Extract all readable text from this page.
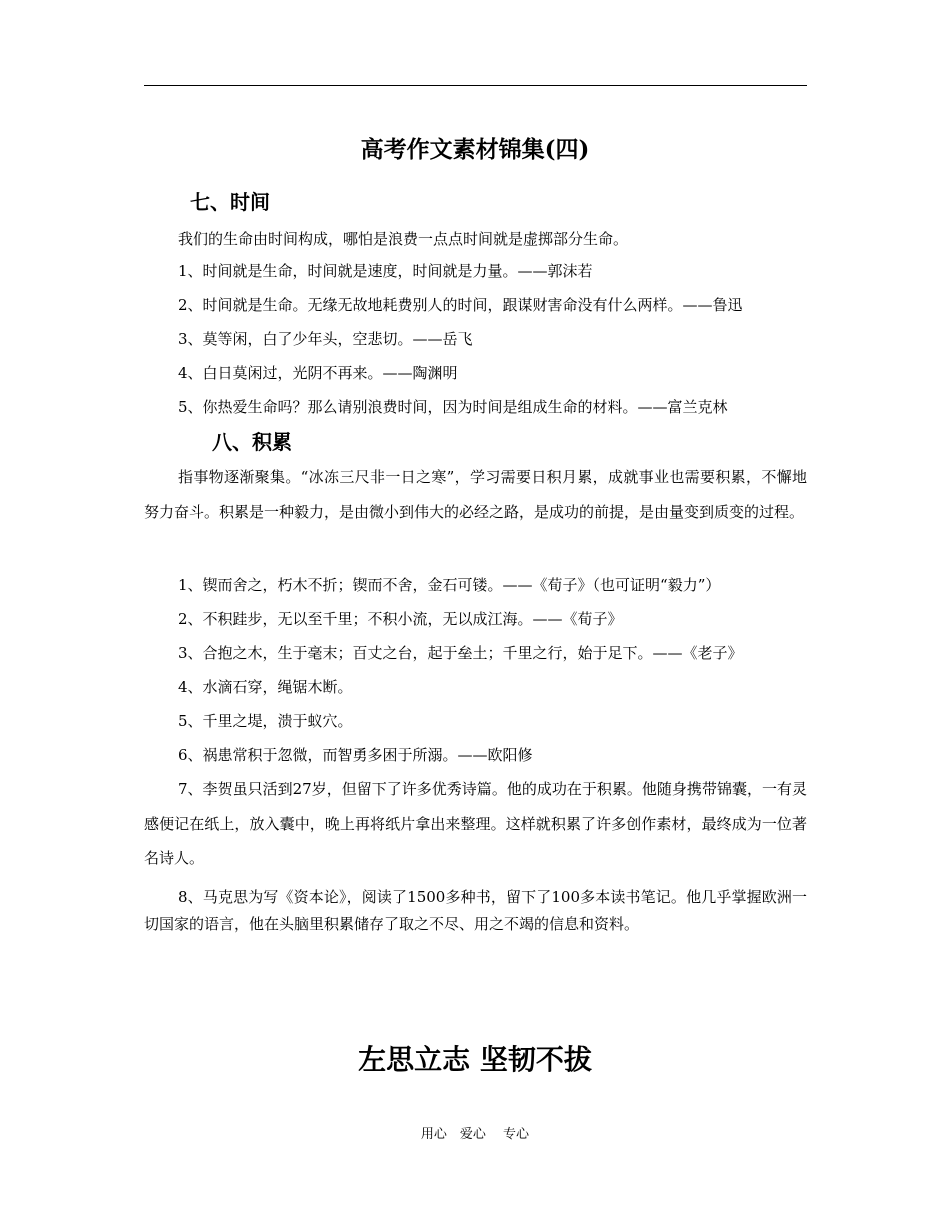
高考作文素材锦集(四)
七、时间
我们的生命由时间构成，哪怕是浪费一点点时间就是虚掷部分生命。
1、时间就是生命，时间就是速度，时间就是力量。——郭沫若
2、时间就是生命。无缘无故地耗费别人的时间，跟谋财害命没有什么两样。——鲁迅
3、莫等闲，白了少年头，空悲切。——岳飞
4、白日莫闲过，光阴不再来。——陶渊明
5、你热爱生命吗？那么请别浪费时间，因为时间是组成生命的材料。——富兰克林
八、积累

指事物逐渐聚集。“冰冻三尺非一日之寒”，学习需要日积月累，成就事业也需要积累，不懈地努力奋斗。积累是一种毅力，是由微小到伟大的必经之路，是成功的前提，是由量变到质变的过程。

1、锲而舍之，朽木不折；锲而不舍，金石可镂。——《荀子》（也可证明“毅力”）
2、不积跬步，无以至千里；不积小流，无以成江海。——《荀子》
3、合抱之木，生于毫末；百丈之台，起于垒土；千里之行，始于足下。——《老子》
4、水滴石穿，绳锯木断。
5、千里之堤，溃于蚁穴。
6、祸患常积于忽微，而智勇多困于所溺。——欧阳修

7、李贺虽只活到27岁，但留下了许多优秀诗篇。他的成功在于积累。他随身携带锦囊，一有灵感便记在纸上，放入囊中，晚上再将纸片拿出来整理。这样就积累了许多创作素材，最终成为一位著名诗人。

8、马克思为写《资本论》，阅读了1500多种书，留下了100多本读书笔记。他几乎掌握欧洲一切国家的语言，他在头脑里积累储存了取之不尽、用之不竭的信息和资料。

左思立志 坚韧不拔
用心　爱心　 专心
